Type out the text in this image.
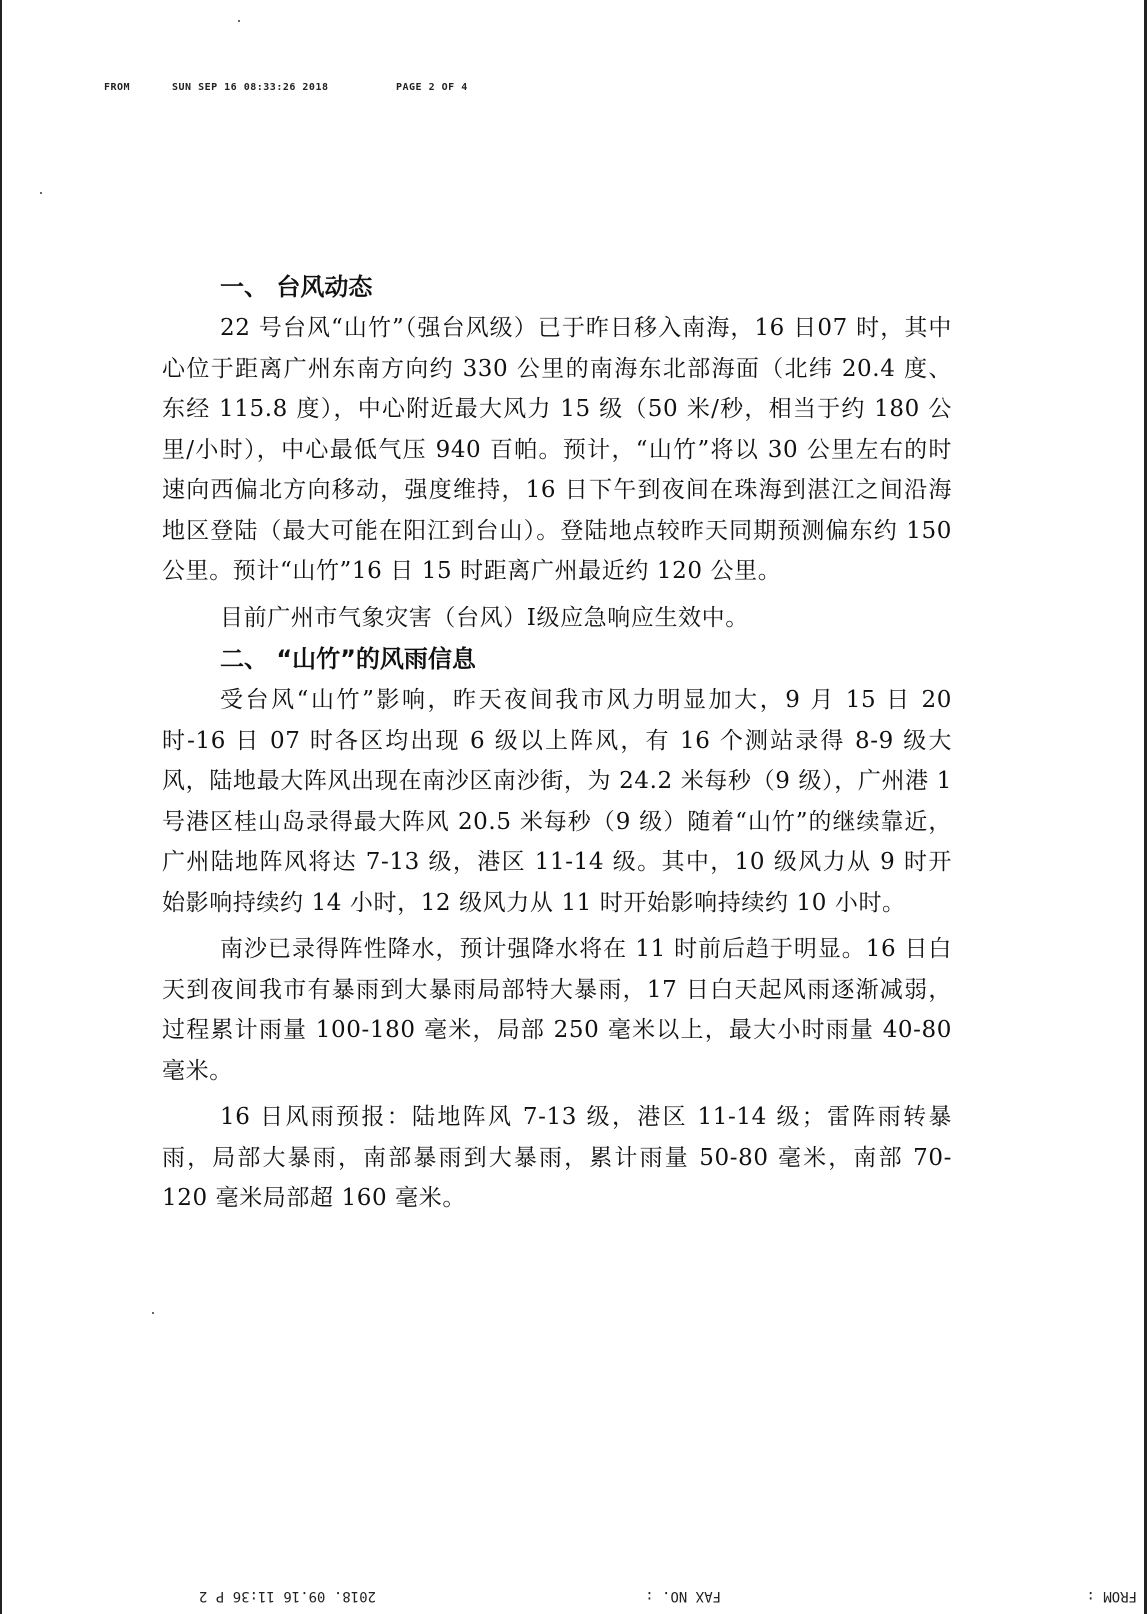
FROM	SUN SEP 16 08:33:26 2018	PAGE 2 OF 4
一、 台风动态

22 号台风“山竹”（强台风级）已于昨日移入南海，16 日07 时，其中心位于距离广州东南方向约 330 公里的南海东北部海面（北纬 20.4 度、东经 115.8 度），中心附近最大风力 15 级（50 米/秒，相当于约 180 公里/小时），中心最低气压 940 百帕。预计，“山竹”将以 30 公里左右的时速向西偏北方向移动，强度维持，16 日下午到夜间在珠海到湛江之间沿海地区登陆（最大可能在阳江到台山）。登陆地点较昨天同期预测偏东约 150 公里。预计“山竹”16 日 15 时距离广州最近约 120 公里。

目前广州市气象灾害（台风）Ⅰ级应急响应生效中。

二、 “山竹”的风雨信息

受台风“山竹”影响，昨天夜间我市风力明显加大，9 月 15 日 20 时-16 日 07 时各区均出现 6 级以上阵风，有 16 个测站录得 8-9 级大风，陆地最大阵风出现在南沙区南沙街，为 24.2 米每秒（9 级），广州港 1 号港区桂山岛录得最大阵风 20.5 米每秒（9 级）随着“山竹”的继续靠近，广州陆地阵风将达 7-13 级，港区 11-14 级。其中，10 级风力从 9 时开始影响持续约 14 小时，12 级风力从 11 时开始影响持续约 10 小时。

南沙已录得阵性降水，预计强降水将在 11 时前后趋于明显。16 日白天到夜间我市有暴雨到大暴雨局部特大暴雨，17 日白天起风雨逐渐减弱，过程累计雨量 100-180 毫米，局部 250 毫米以上，最大小时雨量 40-80 毫米。

16 日风雨预报：陆地阵风 7-13 级，港区 11-14 级；雷阵雨转暴雨，局部大暴雨，南部暴雨到大暴雨，累计雨量 50-80 毫米，南部 70-120 毫米局部超 160 毫米。

FROM :
FAX NO. :
2018. 09.16 11:36 P 2
